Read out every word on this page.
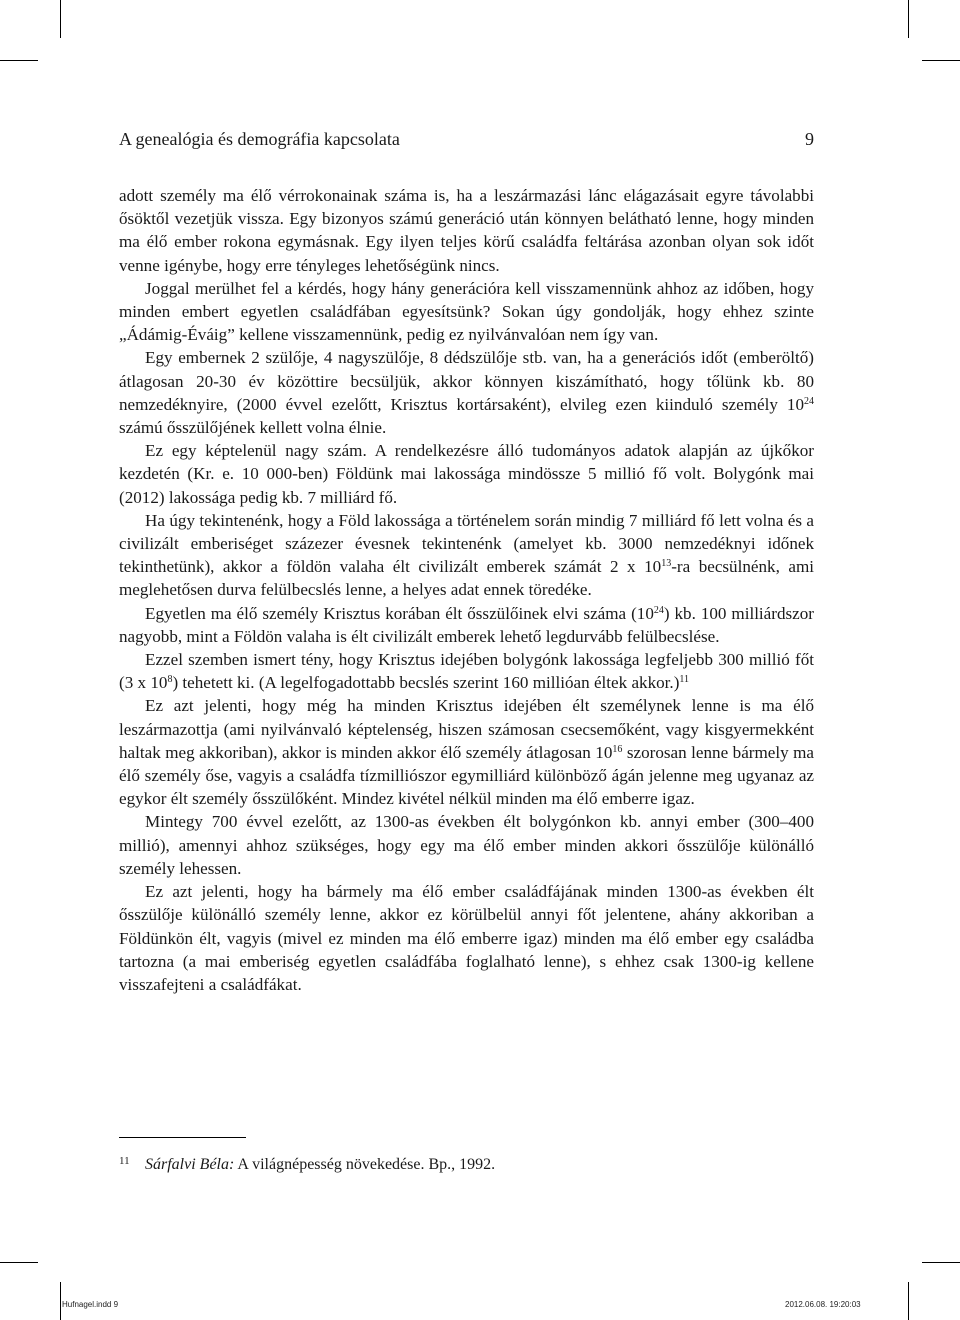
A genealógia és demográfia kapcsolata	9

adott személy ma élő vérrokonainak száma is, ha a leszármazási lánc elágazásait egyre távolabbi ősöktől vezetjük vissza. Egy bizonyos számú generáció után könnyen belátható lenne, hogy minden ma élő ember rokona egymásnak. Egy ilyen teljes körű családfa feltárása azonban olyan sok időt venne igénybe, hogy erre tényleges lehetőségünk nincs.

Joggal merülhet fel a kérdés, hogy hány generációra kell visszamennünk ahhoz az időben, hogy minden embert egyetlen családfában egyesítsünk? Sokan úgy gondolják, hogy ehhez szinte „Ádámig-Éváig” kellene visszamennünk, pedig ez nyilvánvalóan nem így van.

Egy embernek 2 szülője, 4 nagyszülője, 8 dédszülője stb. van, ha a generációs időt (emberöltő) átlagosan 20-30 év közöttire becsüljük, akkor könnyen kiszámítható, hogy tőlünk kb. 80 nemzedéknyire, (2000 évvel ezelőtt, Krisztus kortársaként), elvileg ezen kiinduló személy $10^{24}$ számú ősszülőjének kellett volna élnie.

Ez egy képtelenül nagy szám. A rendelkezésre álló tudományos adatok alapján az újkőkor kezdetén (Kr. e. 10 000-ben) Földünk mai lakossága mindössze 5 millió fő volt. Bolygónk mai (2012) lakossága pedig kb. 7 milliárd fő.

Ha úgy tekintenénk, hogy a Föld lakossága a történelem során mindig 7 milliárd fő lett volna és a civilizált emberiséget százezer évesnek tekintenénk (amelyet kb. 3000 nemzedéknyi időnek tekinthetünk), akkor a földön valaha élt civilizált emberek számát 2 x $10^{13}-ra$ becsülnénk, ami meglehetősen durva felülbecslés lenne, a helyes adat ennek töredéke.

Egyetlen ma élő személy Krisztus korában élt ősszülőinek elvi száma $(10^{24})$ kb. 100 milliárdszor nagyobb, mint a Földön valaha is élt civilizált emberek lehető legdurvább felülbecslése.

Ezzel szemben ismert tény, hogy Krisztus idejében bolygónk lakossága legfeljebb 300 millió főt (3 x $10^8$) tehetett ki. (A legelfogadottabb becslés szerint 160 millióan éltek akkor.)$^{11}$

Ez azt jelenti, hogy még ha minden Krisztus idejében élt személynek lenne is ma élő leszármazottja (ami nyilvánvaló képtelenség, hiszen számosan csecsemőként, vagy kisgyermekként haltak meg akkoriban), akkor is minden akkor élő személy átlagosan $10^{16}$ szorosan lenne bármely ma élő személy őse, vagyis a családfa tízmilliószor egymilliárd különböző ágán jelenne meg ugyanaz az egykor élt személy ősszülőként. Mindez kivétel nélkül minden ma élő emberre igaz.

Mintegy 700 évvel ezelőtt, az 1300-as években élt bolygónkon kb. annyi ember (300–400 millió), amennyi ahhoz szükséges, hogy egy ma élő ember minden akkori ősszülője különálló személy lehessen.

Ez azt jelenti, hogy ha bármely ma élő ember családfájának minden 1300-as években élt ősszülője különálló személy lenne, akkor ez körülbelül annyi főt jelentene, ahány akkoriban a Földünkön élt, vagyis (mivel ez minden ma élő emberre igaz) minden ma élő ember egy családba tartozna (a mai emberiség egyetlen családfába foglalható lenne), s ehhez csak 1300-ig kellene visszafejteni a családfákat.

11 Sárfalvi Béla: A világnépesség növekedése. Bp., 1992.
Hufnagel.indd 9	2012.06.08. 19:20:03
